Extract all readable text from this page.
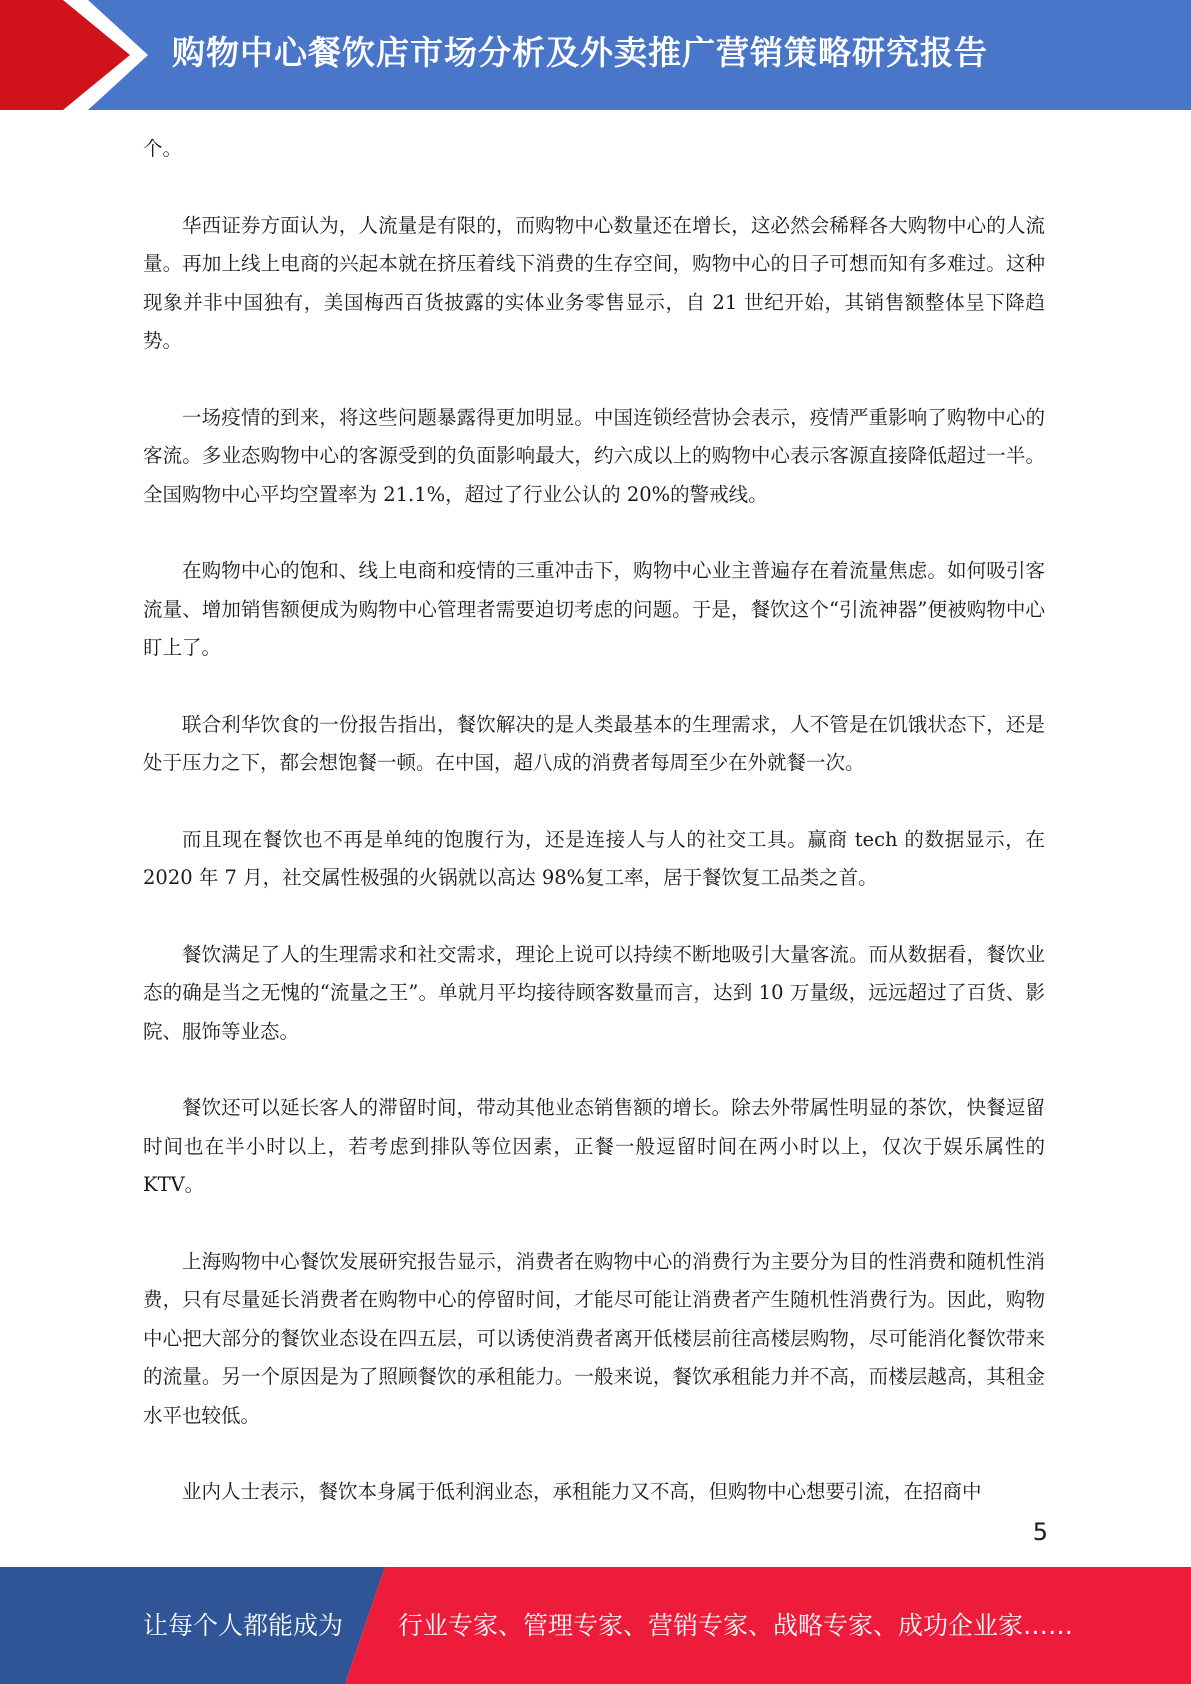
购物中心餐饮店市场分析及外卖推广营销策略研究报告

个。

华西证券方面认为，人流量是有限的，而购物中心数量还在增长，这必然会稀释各大购物中心的人流量。再加上线上电商的兴起本就在挤压着线下消费的生存空间，购物中心的日子可想而知有多难过。这种现象并非中国独有，美国梅西百货披露的实体业务零售显示，自 21 世纪开始，其销售额整体呈下降趋势。

一场疫情的到来，将这些问题暴露得更加明显。中国连锁经营协会表示，疫情严重影响了购物中心的客流。多业态购物中心的客源受到的负面影响最大，约六成以上的购物中心表示客源直接降低超过一半。全国购物中心平均空置率为 21.1%，超过了行业公认的 20%的警戒线。

在购物中心的饱和、线上电商和疫情的三重冲击下，购物中心业主普遍存在着流量焦虑。如何吸引客流量、增加销售额便成为购物中心管理者需要迫切考虑的问题。于是，餐饮这个“引流神器”便被购物中心盯上了。

联合利华饮食的一份报告指出，餐饮解决的是人类最基本的生理需求，人不管是在饥饿状态下，还是处于压力之下，都会想饱餐一顿。在中国，超八成的消费者每周至少在外就餐一次。

而且现在餐饮也不再是单纯的饱腹行为，还是连接人与人的社交工具。赢商 tech 的数据显示，在 2020 年 7 月，社交属性极强的火锅就以高达 98%复工率，居于餐饮复工品类之首。

餐饮满足了人的生理需求和社交需求，理论上说可以持续不断地吸引大量客流。而从数据看，餐饮业态的确是当之无愧的“流量之王”。单就月平均接待顾客数量而言，达到 10 万量级，远远超过了百货、影院、服饰等业态。

餐饮还可以延长客人的滞留时间，带动其他业态销售额的增长。除去外带属性明显的茶饮，快餐逗留时间也在半小时以上，若考虑到排队等位因素，正餐一般逗留时间在两小时以上，仅次于娱乐属性的 KTV。

上海购物中心餐饮发展研究报告显示，消费者在购物中心的消费行为主要分为目的性消费和随机性消费，只有尽量延长消费者在购物中心的停留时间，才能尽可能让消费者产生随机性消费行为。因此，购物中心把大部分的餐饮业态设在四五层，可以诱使消费者离开低楼层前往高楼层购物，尽可能消化餐饮带来的流量。另一个原因是为了照顾餐饮的承租能力。一般来说，餐饮承租能力并不高，而楼层越高，其租金水平也较低。

业内人士表示，餐饮本身属于低利润业态，承租能力又不高，但购物中心想要引流，在招商中

5
让每个人都能成为 行业专家、管理专家、营销专家、战略专家、成功企业家……
